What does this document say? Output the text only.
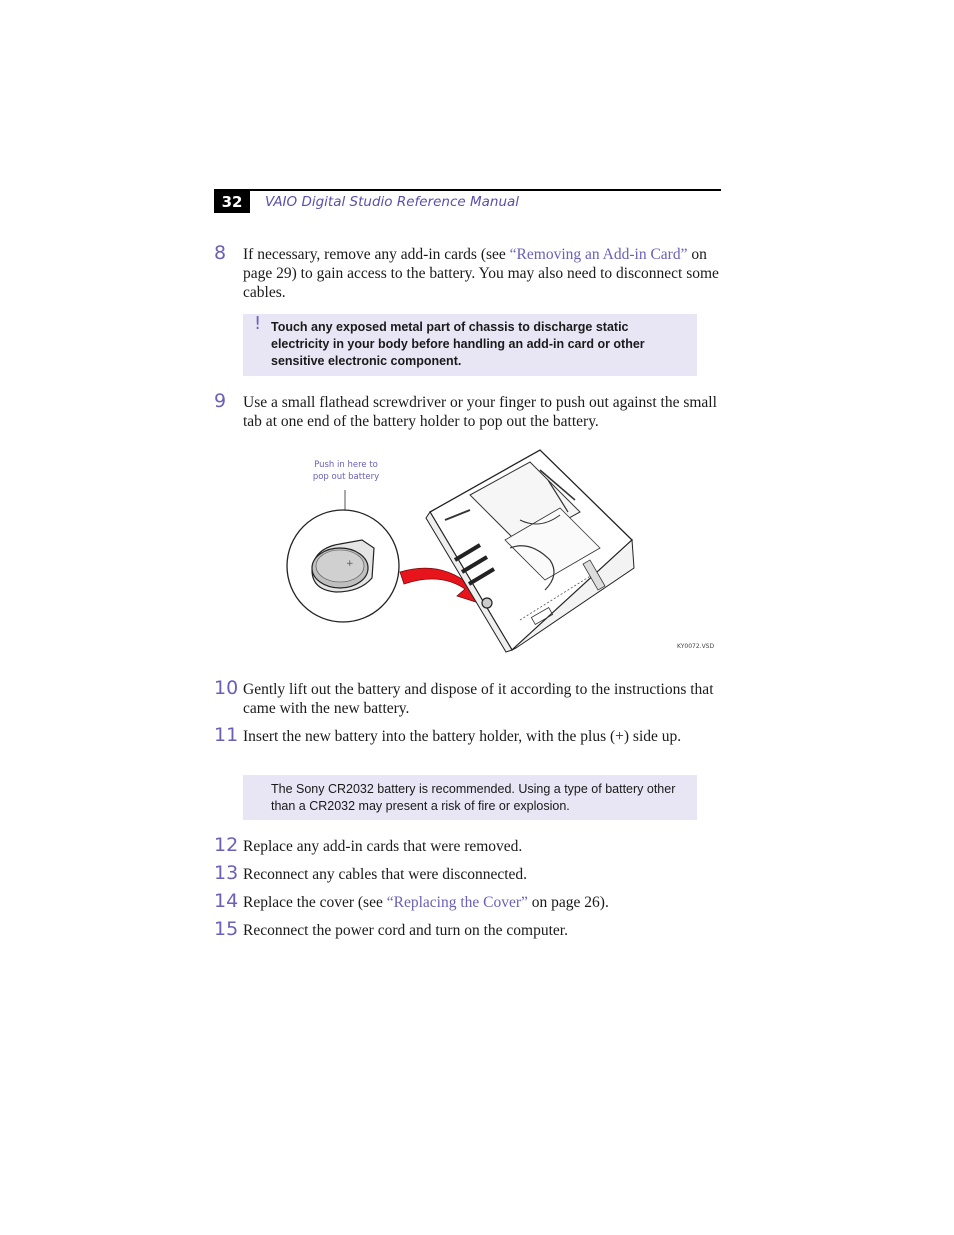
32	VAIO Digital Studio Reference Manual
8 If necessary, remove any add-in cards (see “Removing an Add-in Card” on page 29) to gain access to the battery. You may also need to disconnect some cables.
! Touch any exposed metal part of chassis to discharge static electricity in your body before handling an add-in card or other sensitive electronic component.
9 Use a small flathead screwdriver or your finger to push out against the small tab at one end of the battery holder to pop out the battery.
Push in here to
pop out battery
+
KY0072.VSD
10 Gently lift out the battery and dispose of it according to the instructions that came with the new battery.
11 Insert the new battery into the battery holder, with the plus (+) side up.
The Sony CR2032 battery is recommended. Using a type of battery other than a CR2032 may present a risk of fire or explosion.
12 Replace any add-in cards that were removed.
13 Reconnect any cables that were disconnected.
14 Replace the cover (see “Replacing the Cover” on page 26).
15 Reconnect the power cord and turn on the computer.
